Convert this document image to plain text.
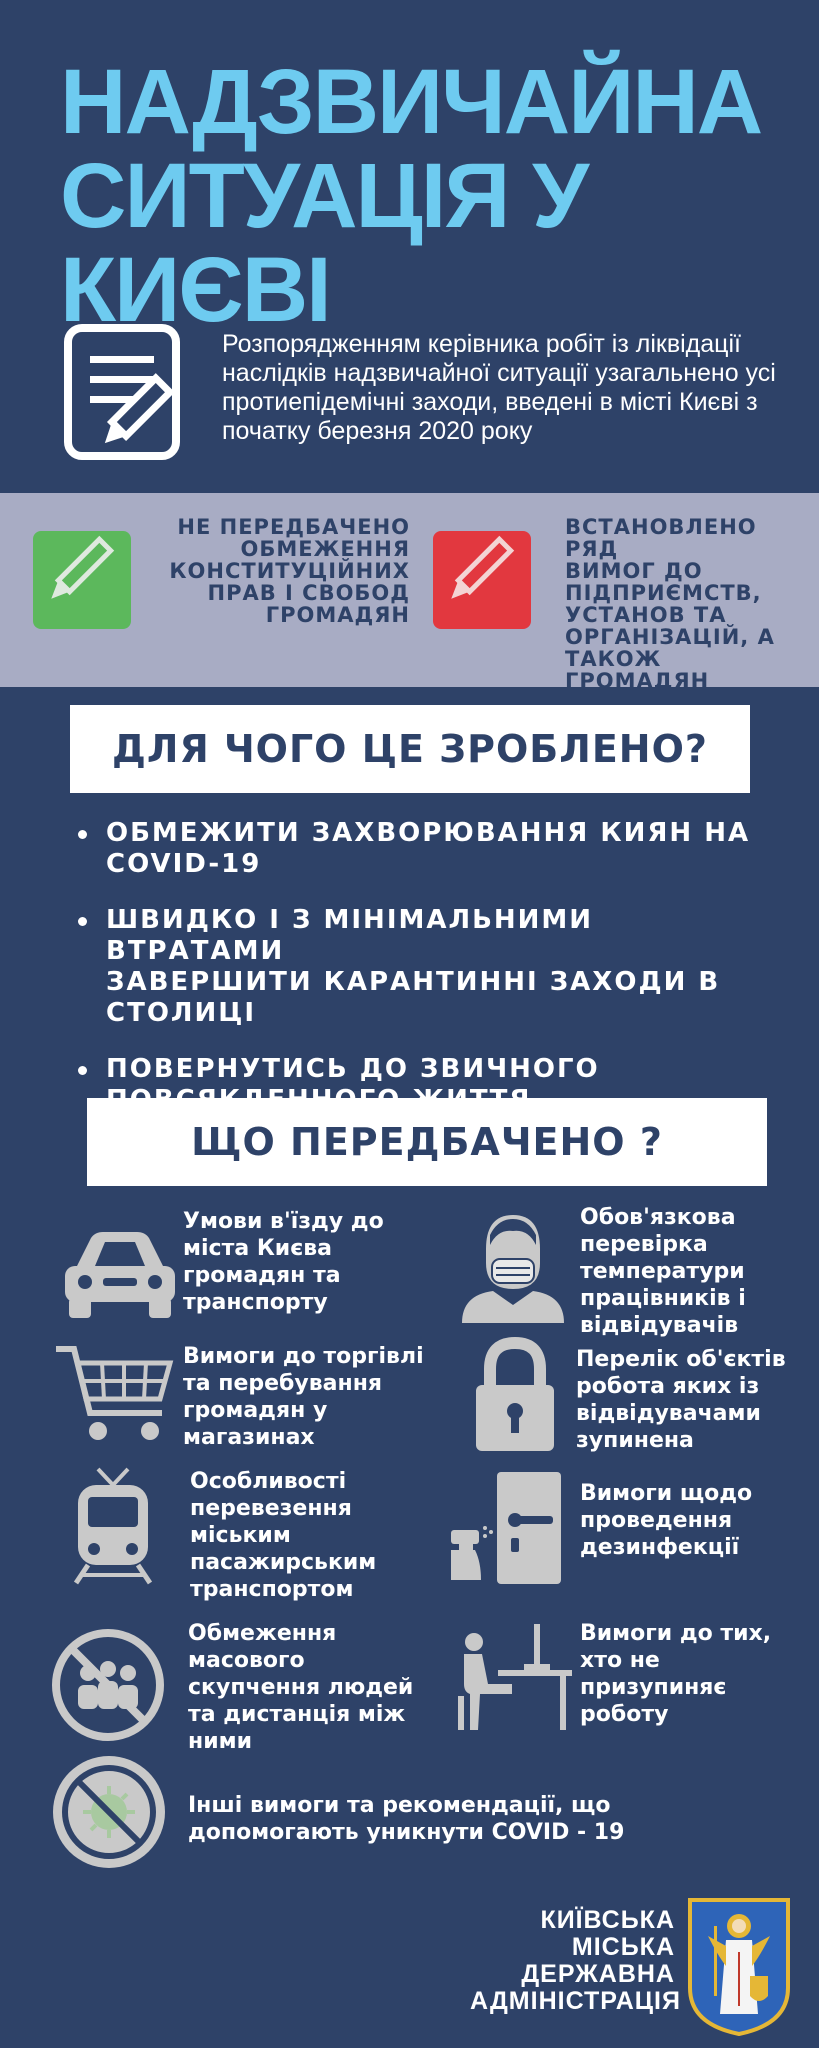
НАДЗВИЧАЙНА
СИТУАЦІЯ У
КИЄВІ
Розпорядженням керівника робіт із ліквідації наслідків надзвичайної ситуації узагальнено усі протиепідемічні заходи, введені в місті Києві з початку березня 2020 року
НЕ ПЕРЕДБАЧЕНО
ОБМЕЖЕННЯ
КОНСТИТУЦІЙНИХ
ПРАВ І СВОБОД
ГРОМАДЯН
ВСТАНОВЛЕНО РЯД
ВИМОГ ДО
ПІДПРИЄМСТВ,
УСТАНОВ ТА
ОРГАНІЗАЦІЙ, А
ТАКОЖ
ГРОМАДЯН
ДЛЯ ЧОГО ЦЕ ЗРОБЛЕНО?
ОБМЕЖИТИ ЗАХВОРЮВАННЯ КИЯН НА
COVID-19
ШВИДКО І З МІНІМАЛЬНИМИ ВТРАТАМИ
ЗАВЕРШИТИ КАРАНТИННІ ЗАХОДИ В
СТОЛИЦІ
ПОВЕРНУТИСЬ ДО ЗВИЧНОГО
ЩО ПЕРЕДБАЧЕНО ?
Умови в'їзду до
міста Києва
громадян та
транспорту
Обов'язкова
перевірка
температури
працівників і
відвідувачів
Вимоги до торгівлі
та перебування
громадян у
магазинах
Перелік об'єктів
робота яких із
відвідувачами
зупинена
Особливості
перевезення
міським
пасажирським
транспортом
Вимоги щодо
проведення
дезинфекції
Обмеження
масового
скупчення людей
та дистанція між
ними
Вимоги до тих,
хто не
призупиняє
роботу
Інші вимоги та рекомендації, що
допомогають уникнути COVID - 19
КИЇВСЬКА
МІСЬКА
ДЕРЖАВНА
АДМІНІСТРАЦІЯ
